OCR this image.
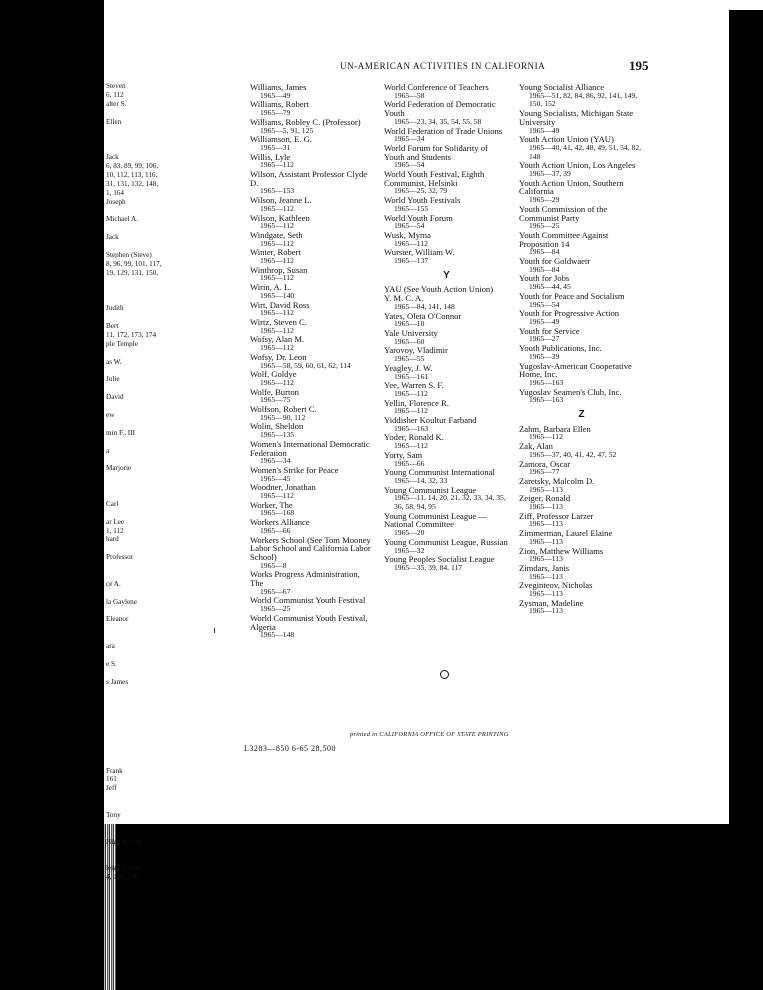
UN-AMERICAN ACTIVITIES IN CALIFORNIA	195
Steven
6, 112
alter S.
Ellen
Jack
6, 83, 89, 99, 106,
10, 112, 113, 116,
31, 131, 132, 148,
1, 164
Joseph
Michael A.
Jack
Stephen (Steve)
8, 96, 99, 101, 117,
19, 129, 131, 150,
Judith
Bert
11, 172, 173, 174
ple Temple
as W.
Julie
David
ew
min F., III
a
Marjorie
Carl
ar Lee
1, 112
hard
Professor
ce A.
la Gaylene
Eleanor
ara
e S.
s James
Frank
161
Jeff
Tony
High School
leigh (Dean)
4, 129, 130
Williams, James
1965—49
Williams, Robert
1965—79
Williams, Robley C. (Professor)
1965—5, 91, 125
Williamson, E. G.
1965—31
Willis, Lyle
1965—112
Wilson, Assistant Professor Clyde D.
1965—153
Wilson, Jeanne L.
1965—112
Wilson, Kathleen
1965—112
Windgate, Seth
1965—112
Winter, Robert
1965—112
Winthrop, Susan
1965—112
Wirin, A. L.
1965—140
Wirt, David Ross
1965—112
Wirtz, Steven C.
1965—112
Wofsy, Alan M.
1965—112
Wofsy, Dr. Leon
1965—58, 59, 60, 61, 62, 114
Wolf, Goldye
1965—112
Wolfe, Burton
1965—75
Wolfson, Robert C.
1965—90, 112
Wolin, Sheldon
1965—135
Women's International Democratic Federation
1965—34
Women's Strike for Peace
1965—45
Woodner, Jonathan
1965—112
Worker, The
1965—168
Workers Alliance
1965—66
Workers School (See Tom Mooney Labor School and California Labor School)
1965—8
Works Progress Administration, The
1965—67
World Communist Youth Festival
1965—25
World Communist Youth Festival, Algeria
1965—148
World Conference of Teachers
1965—58
World Federation of Democratic Youth
1965—23, 34, 35, 54, 55, 58
World Federation of Trade Unions
1965—34
World Forum for Solidarity of Youth and Students
1965—54
World Youth Festival, Eighth Communist, Helsinki
1965—25, 32, 79
World Youth Festivals
1965—155
World Youth Forum
1965—54
Wusk, Myrna
1965—112
Wurster, William W.
1965—137
Y
YAU (See Youth Action Union)
Y. M. C. A.
1965—84, 141, 148
Yates, Oleta O'Connor
1965—10
Yale University
1965—60
Yarovoy, Vladimir
1965—55
Yeagley, J. W.
1965—161
Yee, Warren S. F.
1965—112
Yellin, Florence R.
1965—112
Yiddisher Koultur Farband
1965—163
Yoder, Ronald K.
1965—112
Yorty, Sam
1965—66
Young Communist International
1965—14, 32, 33
Young Communist League
1965—11, 14, 20, 21, 32, 33, 34, 35, 36, 58, 94, 95
Young Communist League —National Committee
1965—20
Young Communist League, Russian
1965—32
Young Peoples Socialist League
1965—35, 39, 84, 117
Young Socialist Alliance
1965—51, 82, 84, 86, 92, 141, 149, 150, 152
Young Socialists, Michigan State University
1965—49
Youth Action Union (YAU)
1965—40, 41, 42, 48, 49, 51, 54, 82, 148
Youth Action Union, Los Angeles
1965—37, 39
Youth Action Union, Southern California
1965—29
Youth Commission of the Communist Party
1965—25
Youth Committee Against Proposition 14
1965—84
Youth for Goldwaetr
1965—84
Youth for Jobs
1965—44, 45
Youth for Peace and Socialism
1965—54
Youth for Progressive Action
1965—49
Youth for Service
1965—27
Youth Publications, Inc.
1965—39
Yugoslav-American Cooperative Home, Inc.
1965—163
Yugoslav Seamen's Club, Inc.
1965—163
Z
Zahm, Barbara Ellen
1965—112
Zak, Alan
1965—37, 40, 41, 42, 47, 52
Zamora, Oscar
1965—77
Zaretsky, Malcolm D.
1965—113
Zeiger, Ronald
1965—113
Ziff, Professor Larzer
1965—113
Zimmerman, Laurel Elaine
1965—113
Zion, Matthew Williams
1965—113
Zimdars, Janis
1965—113
Zveginteov, Nicholas
1965—113
Zysman, Madeline
1965—113
printed in CALIFORNIA OFFICE OF STATE PRINTING
L3283—850 6-65 28,500
